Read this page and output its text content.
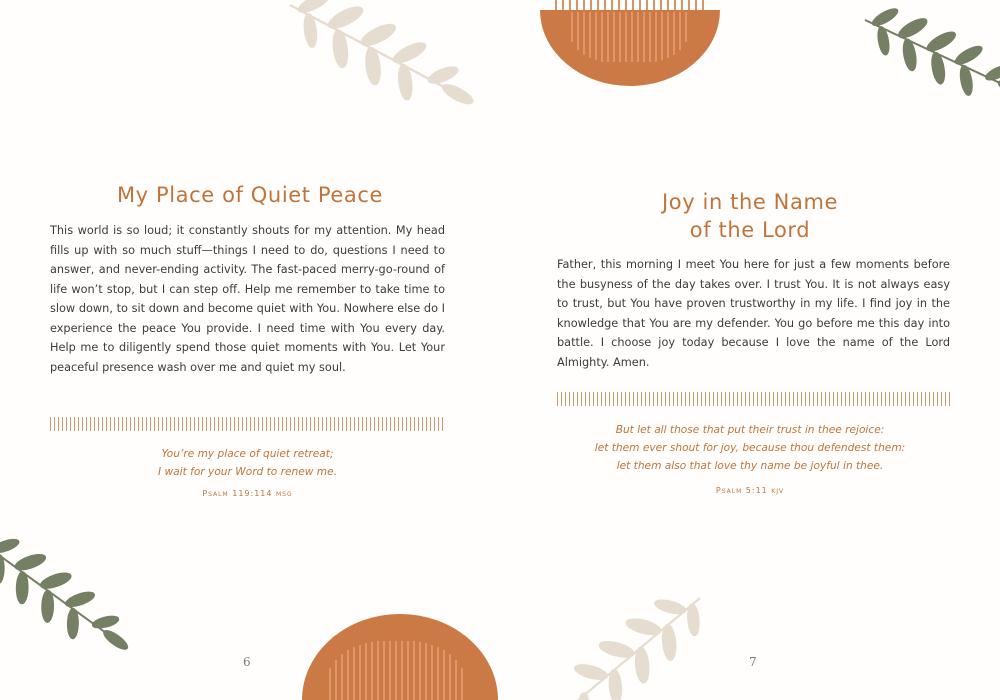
My Place of Quiet Peace

This world is so loud; it constantly shouts for my attention. My head fills up with so much stuff—things I need to do, questions I need to answer, and never-ending activity. The fast-paced merry-go-round of life won’t stop, but I can step off. Help me remember to take time to slow down, to sit down and become quiet with You. Nowhere else do I experience the peace You provide. I need time with You every day. Help me to diligently spend those quiet moments with You. Let Your peaceful presence wash over me and quiet my soul.

You’re my place of quiet retreat;
I wait for your Word to renew me.
Psalm 119:114 msg
6
Joy in the Name
of the Lord

Father, this morning I meet You here for just a few moments before the busyness of the day takes over. I trust You. It is not always easy to trust, but You have proven trustworthy in my life. I find joy in the knowledge that You are my defender. You go before me this day into battle. I choose joy today because I love the name of the Lord Almighty. Amen.

But let all those that put their trust in thee rejoice:
let them ever shout for joy, because thou defendest them:
let them also that love thy name be joyful in thee.
Psalm 5:11 kjv
7
